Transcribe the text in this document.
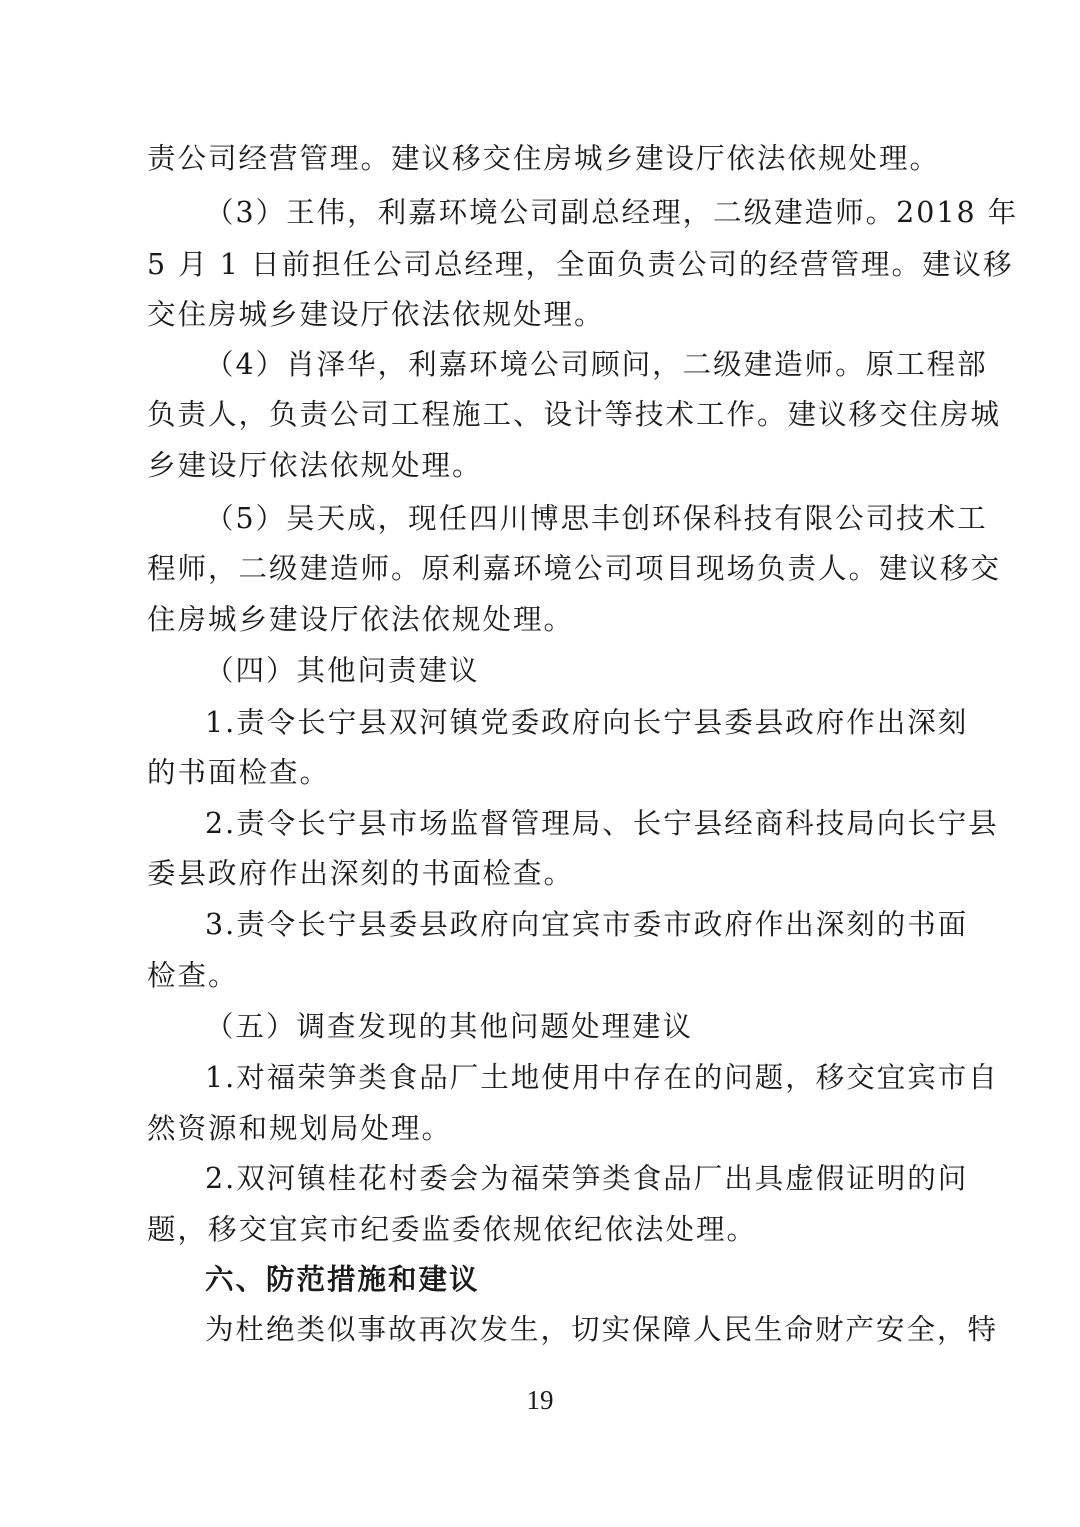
责公司经营管理。建议移交住房城乡建设厅依法依规处理。
（3）王伟，利嘉环境公司副总经理，二级建造师。2018 年
5 月 1 日前担任公司总经理，全面负责公司的经营管理。建议移
交住房城乡建设厅依法依规处理。
（4）肖泽华，利嘉环境公司顾问，二级建造师。原工程部
负责人，负责公司工程施工、设计等技术工作。建议移交住房城
乡建设厅依法依规处理。
（5）吴天成，现任四川博思丰创环保科技有限公司技术工
程师，二级建造师。原利嘉环境公司项目现场负责人。建议移交
住房城乡建设厅依法依规处理。
（四）其他问责建议
1.责令长宁县双河镇党委政府向长宁县委县政府作出深刻
的书面检查。
2.责令长宁县市场监督管理局、长宁县经商科技局向长宁县
委县政府作出深刻的书面检查。
3.责令长宁县委县政府向宜宾市委市政府作出深刻的书面
检查。
（五）调查发现的其他问题处理建议
1.对福荣笋类食品厂土地使用中存在的问题，移交宜宾市自
然资源和规划局处理。
2.双河镇桂花村委会为福荣笋类食品厂出具虚假证明的问
题，移交宜宾市纪委监委依规依纪依法处理。
六、防范措施和建议
为杜绝类似事故再次发生，切实保障人民生命财产安全，特
19
